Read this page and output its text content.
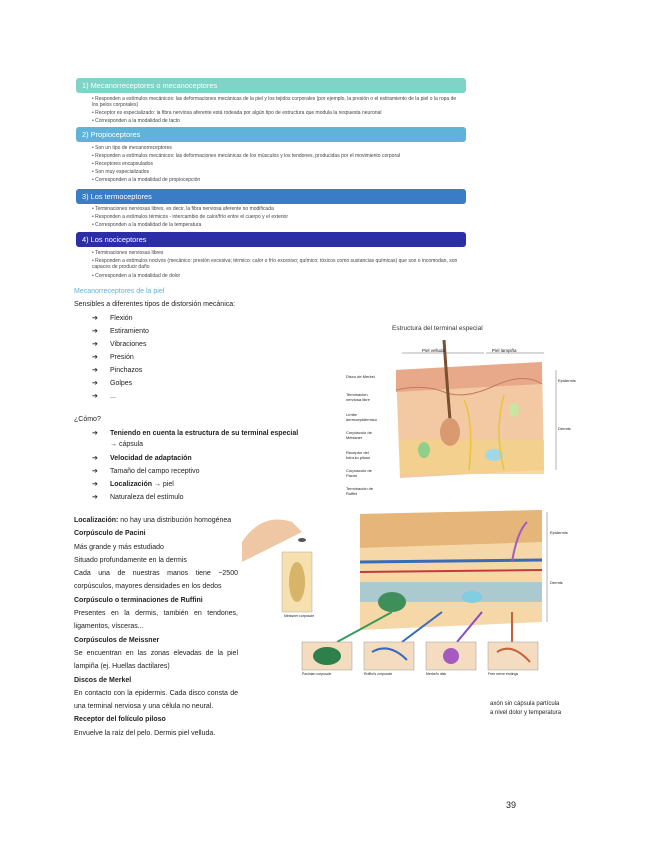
1) Mecanorreceptores o mecanoceptores
• Responden a estímulos mecánicos: las deformaciones mecánicas de la piel y los tejidos corporales (por ejemplo, la presión o el estiramiento de la piel o la ropa de los pelos corporales)
• Receptor es especializado: la fibra nerviosa aferente está rodeada por algún tipo de estructura que modula la respuesta neuronal
• Corresponden a la modalidad de tacto
2) Propioceptores
• Son un tipo de mecanorreceptores
• Responden a estímulos mecánicos: las deformaciones mecánicas de los músculos y los tendones, producidas por el movimiento corporal
• Receptores encapsulados
• Son muy especializados
• Corresponden a la modalidad de propiocepción
3) Los termoceptores
• Terminaciones nerviosas libres, es decir, la fibra nerviosa aferente no modificada
• Responden a estímulos térmicos - intercambio de calor/frío entre el cuerpo y el exterior
• Corresponden a la modalidad de la temperatura
4) Los nociceptores
• Terminaciones nerviosas libres
• Responden a estímulos nocivos (mecánico: presión excesiva; térmico: calor o frío excesivo; químico: tóxicos como sustancias químicas) que son o incomodan, son capaces de producir daño
• Corresponden a la modalidad de dolor
Mecanorreceptores de la piel
Sensibles a diferentes tipos de distorsión mecánica:
➔ Flexión
➔ Estiramiento
➔ Vibraciones
➔ Presión
➔ Pinchazos
➔ Golpes
➔ ...
¿Cómo?
➔ Teniendo en cuenta la estructura de su terminal especial
→ cápsula
➔ Velocidad de adaptación
➔ Tamaño del campo receptivo
➔ Localización → piel
➔ Naturaleza del estímulo

Localización: no hay una distribución homogénea

Corpúsculo de Pacini

Más grande y más estudiado

Situado profundamente en la dermis

Cada una de nuestras manos tiene ~2500 corpúsculos, mayores densidades en los dedos

Corpúsculo o terminaciones de Ruffini

Presentes en la dermis, también en tendones, ligamentos, vísceras...

Corpúsculos de Meissner

Se encuentran en las zonas elevadas de la piel lampiña (ej. Huellas dactilares)

Discos de Merkel

En contacto con la epidermis. Cada disco consta de una terminal nerviosa y una célula no neural.

Receptor del folículo piloso

Envuelve la raíz del pelo. Dermis piel velluda.

Estructura del terminal especial
Piel velluda	Piel lampiña
Disco de Merkel
Terminación nerviosa libre
Límite dermoepidérmico
Corpúsculo de Meissner
Receptor del folículo piloso
Corpúsculo de Pacini
Terminación de Ruffini
Epidermis
Dermis
Meissner corpuscle
Epidermis
Dermis
Pacinian corpuscle	Ruffini's corpuscle	Merkel's disk	Free nerve endings
axón sin cápsula partícula a nivel dolor y temperatura
39
